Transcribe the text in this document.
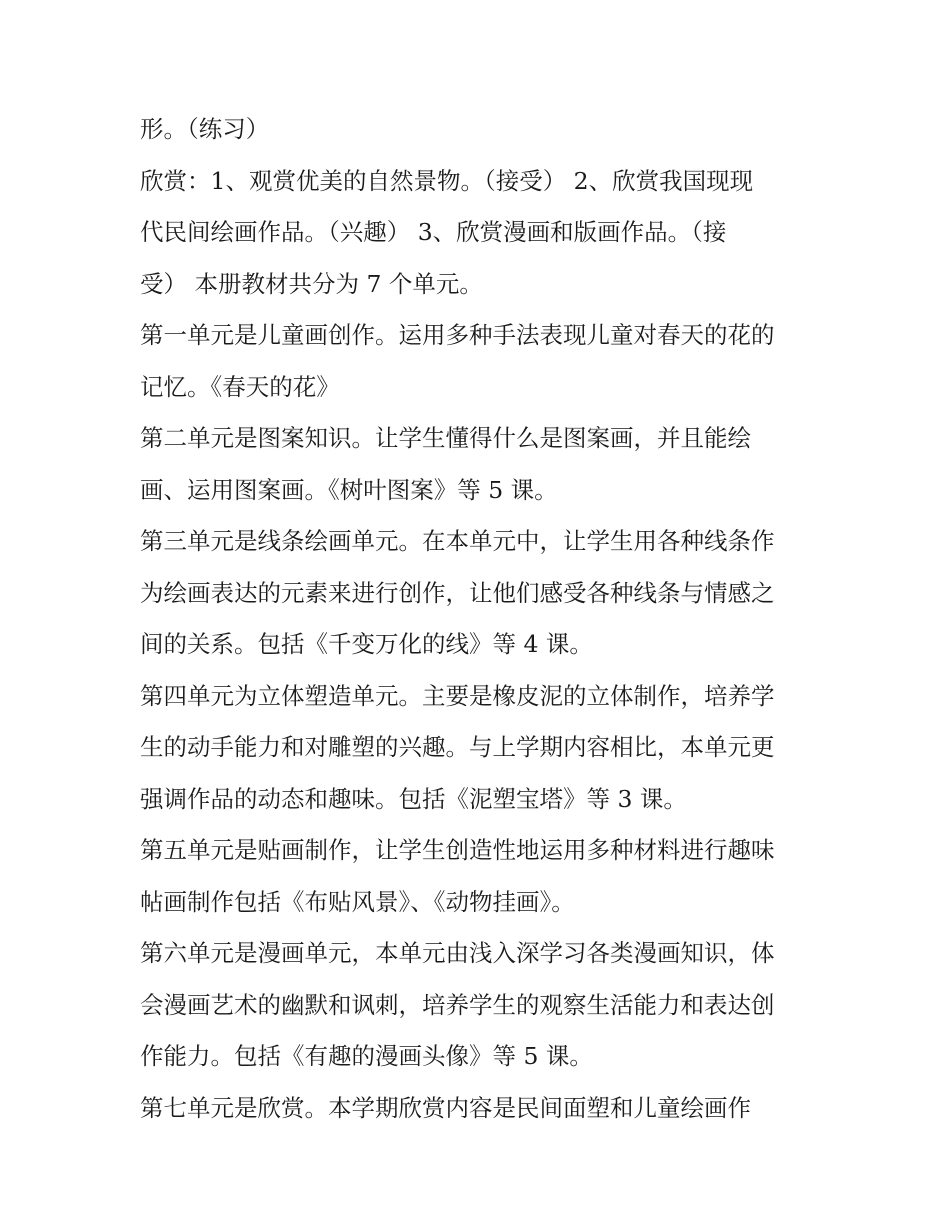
形。（练习）
欣赏：1、观赏优美的自然景物。（接受） 2、欣赏我国现现
代民间绘画作品。（兴趣） 3、欣赏漫画和版画作品。（接
受） 本册教材共分为 7 个单元。
第一单元是儿童画创作。运用多种手法表现儿童对春天的花的
记忆。《春天的花》
第二单元是图案知识。让学生懂得什么是图案画，并且能绘
画、运用图案画。《树叶图案》等 5 课。
第三单元是线条绘画单元。在本单元中，让学生用各种线条作
为绘画表达的元素来进行创作，让他们感受各种线条与情感之
间的关系。包括《千变万化的线》等 4 课。
第四单元为立体塑造单元。主要是橡皮泥的立体制作，培养学
生的动手能力和对雕塑的兴趣。与上学期内容相比，本单元更
强调作品的动态和趣味。包括《泥塑宝塔》等 3 课。
第五单元是贴画制作，让学生创造性地运用多种材料进行趣味
帖画制作包括《布贴风景》、《动物挂画》。
第六单元是漫画单元，本单元由浅入深学习各类漫画知识，体
会漫画艺术的幽默和讽刺，培养学生的观察生活能力和表达创
作能力。包括《有趣的漫画头像》等 5 课。
第七单元是欣赏。本学期欣赏内容是民间面塑和儿童绘画作
